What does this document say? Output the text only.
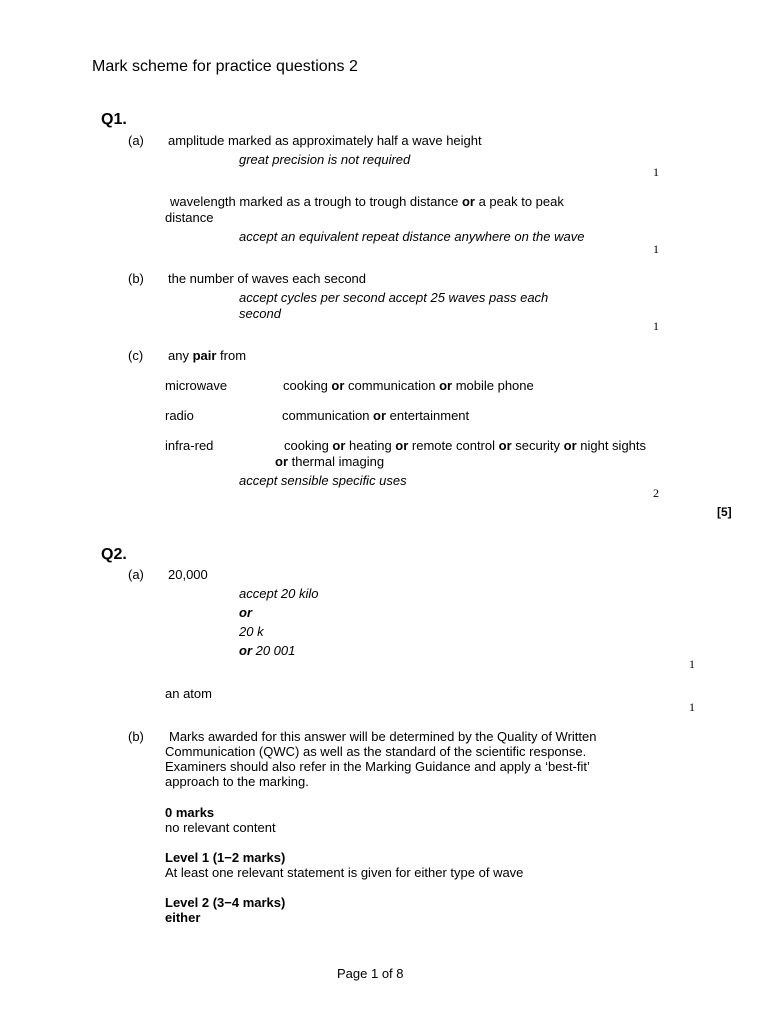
Mark scheme for practice questions 2
Q1.
(a) amplitude marked as approximately half a wave height
great precision is not required
1
wavelength marked as a trough to trough distance or a peak to peak
distance
accept an equivalent repeat distance anywhere on the wave
1
(b) the number of waves each second
accept cycles per second accept 25 waves pass each
second
1
(c) any pair from
microwave	cooking or communication or mobile phone
radio	communication or entertainment
infra-red	cooking or heating or remote control or security or night sights
or thermal imaging
accept sensible specific uses
2
[5]
Q2.
(a) 20,000
accept 20 kilo
or
20 k
or 20 001
1
an atom
1
(b) Marks awarded for this answer will be determined by the Quality of Written
Communication (QWC) as well as the standard of the scientific response.
Examiners should also refer in the Marking Guidance and apply a ‘best-fit’
approach to the marking.
0 marks
no relevant content
Level 1 (1−2 marks)
At least one relevant statement is given for either type of wave
Level 2 (3−4 marks)
either
Page 1 of 8
